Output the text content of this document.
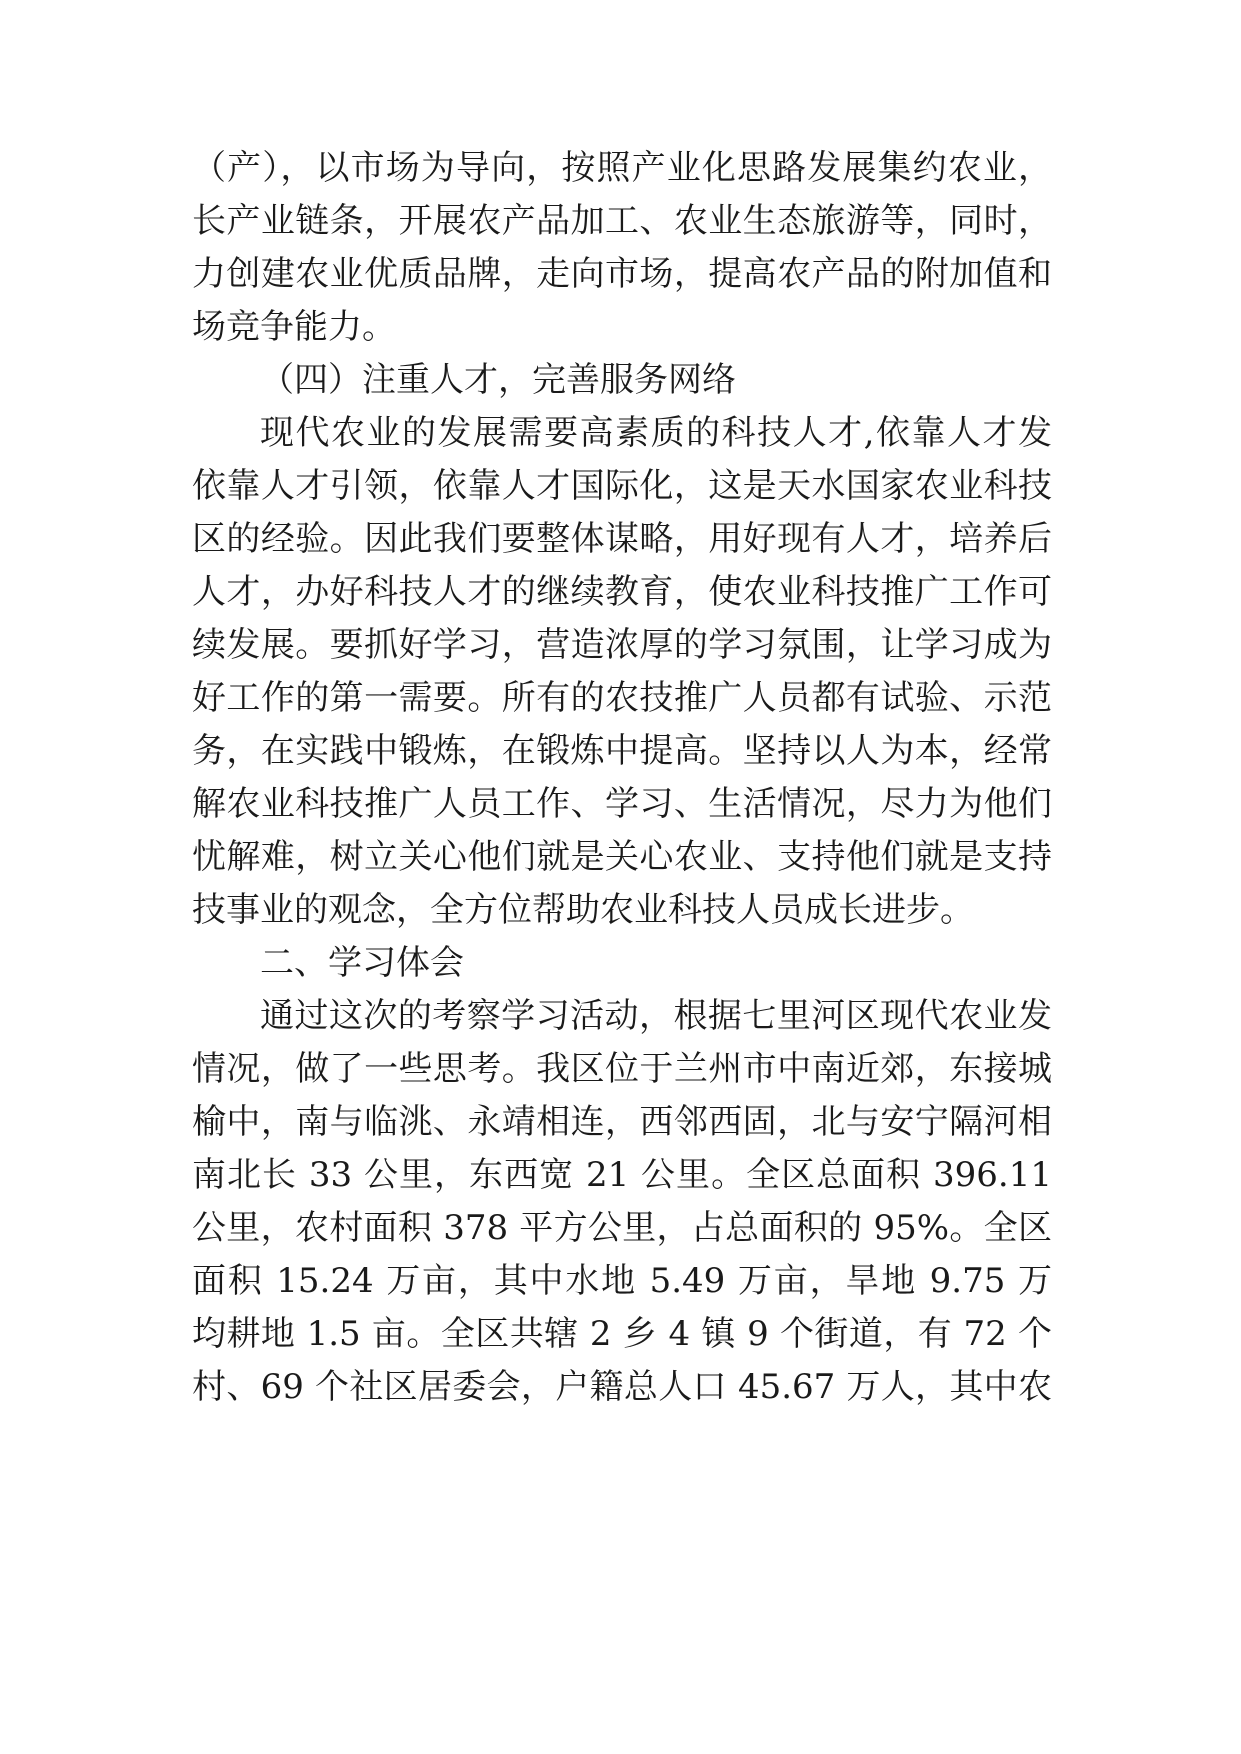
（产），以市场为导向，按照产业化思路发展集约农业，
长产业链条，开展农产品加工、农业生态旅游等，同时，
力创建农业优质品牌，走向市场，提高农产品的附加值和
场竞争能力。
（四）注重人才，完善服务网络
现代农业的发展需要高素质的科技人才,依靠人才发
依靠人才引领，依靠人才国际化，这是天水国家农业科技
区的经验。因此我们要整体谋略，用好现有人才，培养后
人才，办好科技人才的继续教育，使农业科技推广工作可
续发展。要抓好学习，营造浓厚的学习氛围，让学习成为
好工作的第一需要。所有的农技推广人员都有试验、示范
务，在实践中锻炼，在锻炼中提高。坚持以人为本，经常
解农业科技推广人员工作、学习、生活情况，尽力为他们
忧解难，树立关心他们就是关心农业、支持他们就是支持
技事业的观念，全方位帮助农业科技人员成长进步。
二、学习体会
通过这次的考察学习活动，根据七里河区现代农业发
情况，做了一些思考。我区位于兰州市中南近郊，东接城
榆中，南与临洮、永靖相连，西邻西固，北与安宁隔河相
南北长 33 公里，东西宽 21 公里。全区总面积 396.11
公里，农村面积 378 平方公里，占总面积的 95%。全区
面积 15.24 万亩，其中水地 5.49 万亩，旱地 9.75 万
均耕地 1.5 亩。全区共辖 2 乡 4 镇 9 个街道，有 72 个
村、69 个社区居委会，户籍总人口 45.67 万人，其中农
